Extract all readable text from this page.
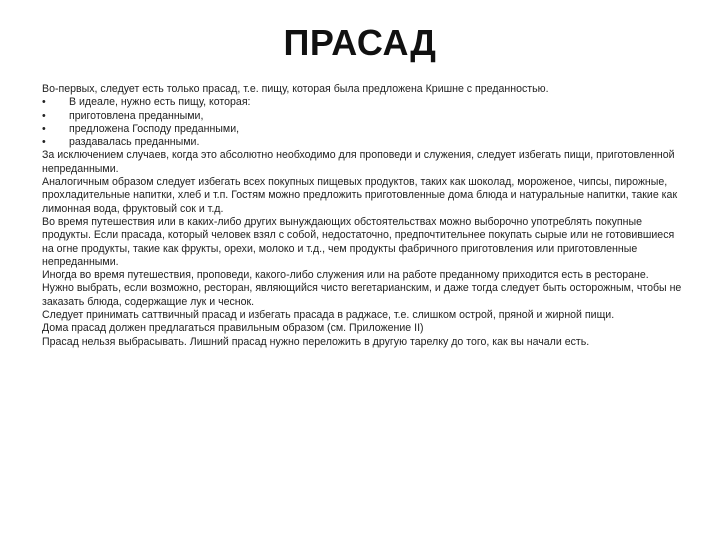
ПРАСАД

Во-первых, следует есть только прасад, т.е. пищу, которая была предложена Кришне с преданностью.

•	В идеале, нужно есть пищу, которая:
•	приготовлена преданными,
•	предложена Господу преданными,
•	раздавалась преданными.

За исключением случаев, когда это абсолютно необходимо для проповеди и служения, следует избегать пищи, приготовленной непреданными.

Аналогичным образом следует избегать всех покупных пищевых продуктов, таких как шоколад, мороженое, чипсы, пирожные, прохладительные напитки, хлеб и т.п. Гостям можно предложить приготовленные дома блюда и натуральные напитки, такие как лимонная вода, фруктовый сок и т.д.

Во время путешествия или в каких-либо других вынуждающих обстоятельствах можно выборочно употреблять покупные продукты. Если прасада, который человек взял с собой, недостаточно, предпочтительнее покупать сырые или не готовившиеся на огне продукты, такие как фрукты, орехи, молоко и т.д., чем продукты фабричного приготовления или приготовленные непреданными.

Иногда во время путешествия, проповеди, какого-либо служения или на работе преданному приходится есть в ресторане. Нужно выбрать, если возможно, ресторан, являющийся чисто вегетарианским, и даже тогда следует быть осторожным, чтобы не заказать блюда, содержащие лук и чеснок.

Следует принимать саттвичный прасад и избегать прасада в раджасе, т.е. слишком острой, пряной и жирной пищи.

Дома прасад должен предлагаться правильным образом (см. Приложение II)

Прасад нельзя выбрасывать. Лишний прасад нужно переложить в другую тарелку до того, как вы начали есть.
